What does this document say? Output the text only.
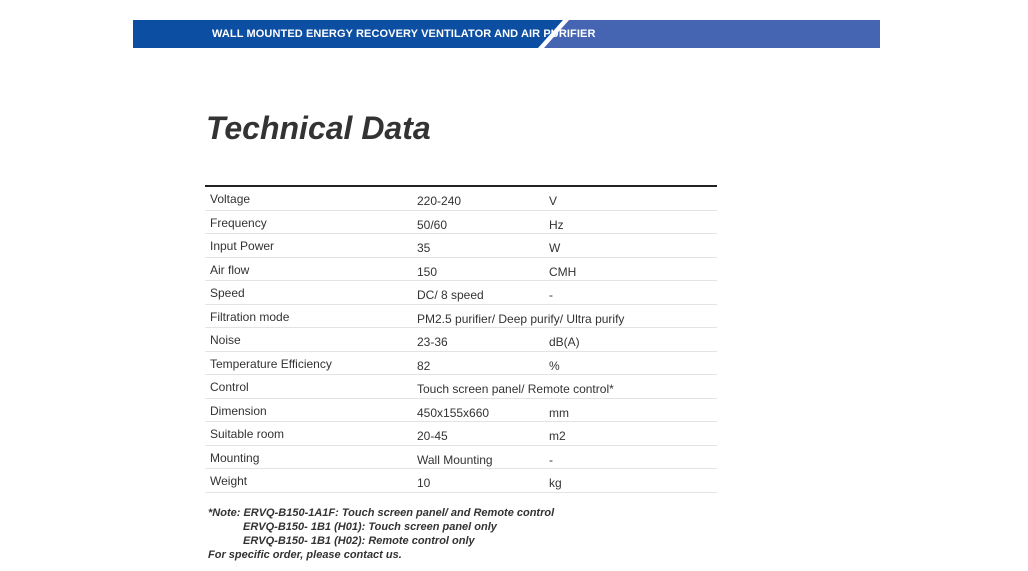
WALL MOUNTED ENERGY RECOVERY VENTILATOR AND AIR PURIFIER
Technical Data
Voltage	220-240	V
Frequency	50/60	Hz
Input Power	35	W
Air flow	150	CMH
Speed	DC/ 8 speed	-
Filtration mode	PM2.5 purifier/ Deep purify/ Ultra purify
Noise	23-36	dB(A)
Temperature Efficiency	82	%
Control	Touch screen panel/ Remote control*
Dimension	450x155x660	mm
Suitable room	20-45	m2
Mounting	Wall Mounting	-
Weight	10	kg
*Note: ERVQ-B150-1A1F: Touch screen panel/ and Remote control
ERVQ-B150- 1B1 (H01): Touch screen panel only
ERVQ-B150- 1B1 (H02): Remote control only
For specific order, please contact us.
